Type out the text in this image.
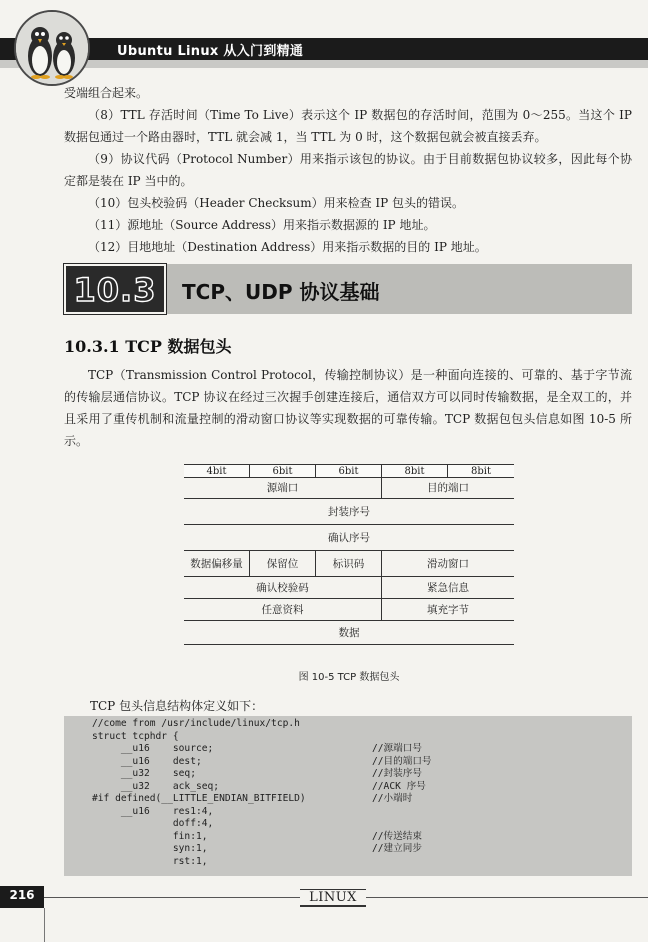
Ubuntu Linux 从入门到精通

受端组合起来。

（8）TTL 存活时间（Time To Live）表示这个 IP 数据包的存活时间，范围为 0～255。当这个 IP 数据包通过一个路由器时，TTL 就会减 1，当 TTL 为 0 时，这个数据包就会被直接丢弃。

（9）协议代码（Protocol Number）用来指示该包的协议。由于目前数据包协议较多，因此每个协定都是装在 IP 当中的。

（10）包头校验码（Header Checksum）用来检查 IP 包头的错误。

（11）源地址（Source Address）用来指示数据源的 IP 地址。

（12）目地地址（Destination Address）用来指示数据的目的 IP 地址。

10.3	TCP、UDP 协议基础
10.3.1 TCP 数据包头

TCP（Transmission Control Protocol，传输控制协议）是一种面向连接的、可靠的、基于字节流的传输层通信协议。TCP 协议在经过三次握手创建连接后，通信双方可以同时传输数据，是全双工的，并且采用了重传机制和流量控制的滑动窗口协议等实现数据的可靠传输。TCP 数据包包头信息如图 10-5 所示。

4bit	6bit	6bit	8bit	8bit
源端口	目的端口
封装序号
确认序号
数据偏移量	保留位	标识码	滑动窗口
确认校验码	紧急信息
任意资料	填充字节
数据
图 10-5 TCP 数据包头
TCP 包头信息结构体定义如下：
//come from /usr/include/linux/tcp.h
struct tcphdr {
__u16    source;	//源端口号
__u16    dest;	//目的端口号
__u32    seq;	//封装序号
__u32    ack_seq;	//ACK 序号
#if defined(__LITTLE_ENDIAN_BITFIELD)	//小端时
__u16    res1:4,
doff:4,
fin:1,	//传送结束
syn:1,	//建立同步
rst:1,
216	LINUX
